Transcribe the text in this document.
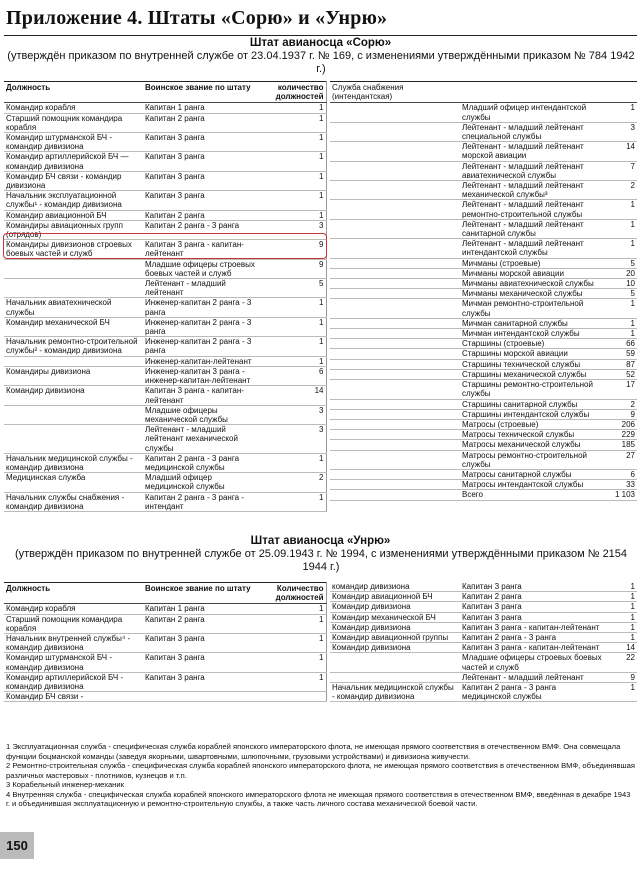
Приложение 4. Штаты «Сорю» и «Унрю»
Штат авианосца «Сорю»
(утверждён приказом по внутренней службе от 23.04.1937 г. № 169, с изменениями утверждёнными приказом № 784 1942 г.)
Должность	Воинское звание по штату	количество должностей
Командир корабля	Капитан 1 ранга	1
Старший помощник командира корабля	Капитан 2 ранга	1
Командир штурманской БЧ - командир дивизиона	Капитан 3 ранга	1
Командир артиллерийской БЧ — командир дивизиона	Капитан 3 ранга	1
Командир БЧ связи - командир дивизиона	Капитан 3 ранга	1
Начальник эксплуатационной службы¹ - командир дивизиона	Капитан 3 ранга	1
Командир авиационной БЧ	Капитан 2 ранга	1
Командиры авиационных групп (отрядов)	Капитан 2 ранга - 3 ранга	3
Командиры дивизионов строевых боевых частей и служб	Капитан 3 ранга - капитан-лейтенант	9
	Младшие офицеры строевых боевых частей и служб	9
	Лейтенант - младший лейтенант	5
Начальник авиатехнической службы	Инженер-капитан 2 ранга - 3 ранга	1
Командир механической БЧ	Инженер-капитан 2 ранга - 3 ранга	1
Начальник ремонтно-строительной службы² - командир дивизиона	Инженер-капитан 2 ранга - 3 ранга	1
	Инженер-капитан-лейтенант	1
Командиры дивизиона	Инженер-капитан 3 ранга - инженер-капитан-лейтенант	6
Командир дивизиона	Капитан 3 ранга - капитан-лейтенант	14
	Младшие офицеры механической службы	3
	Лейтенант - младший лейтенант механической службы	3
Начальник медицинской службы - командир дивизиона	Капитан 2 ранга - 3 ранга медицинской службы	1
Медицинская служба	Младший офицер медицинской службы	2
Начальник службы снабжения - командир дивизиона	Капитан 2 ранга - 3 ранга - интендант	1
Служба снабжения (интендантская)		
	Младший офицер интендантской службы	1
	Лейтенант - младший лейтенант специальной службы	3
	Лейтенант - младший лейтенант морской авиации	14
	Лейтенант - младший лейтенант авиатехнической службы	7
	Лейтенант - младший лейтенант механической службы³	2
	Лейтенант - младший лейтенант ремонтно-строительной службы	1
	Лейтенант - младший лейтенант санитарной службы	1
	Лейтенант - младший лейтенант интендантской службы	1
	Мичманы (строевые)	5
	Мичманы морской авиации	20
	Мичманы авиатехнической службы	10
	Мичманы механической службы	5
	Мичман ремонтно-строительной службы	1
	Мичман санитарной службы	1
	Мичман интендантской службы	1
	Старшины (строевые)	66
	Старшины морской авиации	59
	Старшины технической службы	87
	Старшины механической службы	52
	Старшины ремонтно-строительной службы	17
	Старшины санитарной службы	2
	Старшины интендантской службы	9
	Матросы (строевые)	206
	Матросы технической службы	229
	Матросы механической службы	185
	Матросы ремонтно-строительной службы	27
	Матросы санитарной службы	6
	Матросы интендантской службы	33
	Всего	1 103
Штат авианосца «Унрю»
(утверждён приказом по внутренней службе от 25.09.1943 г. № 1994, с изменениями утверждёнными приказом № 2154 1944 г.)
Должность	Воинское звание по штату	Количество должностей
Командир корабля	Капитан 1 ранга	1
Старший помощник командира корабля	Капитан 2 ранга	1
Начальник внутренней службы⁴ - командир дивизиона	Капитан 3 ранга	1
Командир штурманской БЧ - командир дивизиона	Капитан 3 ранга	1
Командир артиллерийской БЧ - командир дивизиона	Капитан 3 ранга	1
Командир БЧ связи -		
командир дивизиона	Капитан 3 ранга	1
Командир авиационной БЧ	Капитан 2 ранга	1
Командир дивизиона	Капитан 3 ранга	1
Командир механической БЧ	Капитан 3 ранга	1
Командир дивизиона	Капитан 3 ранга - капитан-лейтенант	1
Командир авиационной группы	Капитан 2 ранга - 3 ранга	1
Командир дивизиона	Капитан 3 ранга - капитан-лейтенант	14
	Младшие офицеры строевых боевых частей и служб	22
	Лейтенант - младший лейтенант	9
Начальник медицинской службы - командир дивизиона	Капитан 2 ранга - 3 ранга медицинской службы	1
1 Эксплуатационная служба - специфическая служба кораблей японского императорского флота, не имеющая прямого соответствия в отечественном ВМФ. Она совмещала функции боцманской команды (заведуя якорными, швартовными, шлюпочными, грузовыми устройствами) и дивизиона живучести.
2 Ремонтно-строительная служба - специфическая служба кораблей японского императорского флота, не имеющая прямого соответствия в отечественном ВМФ, объединявшая различных мастеровых - плотников, кузнецов и т.п.
3 Корабельный инженер-механик
4 Внутренняя служба - специфическая служба кораблей японского императорского флота не имеющая прямого соответствия в отечественном ВМФ, введённая в декабре 1943 г. и объединившая эксплуатационную и ремонтно-строительную службы, а также часть личного состава механической боевой части.
150
